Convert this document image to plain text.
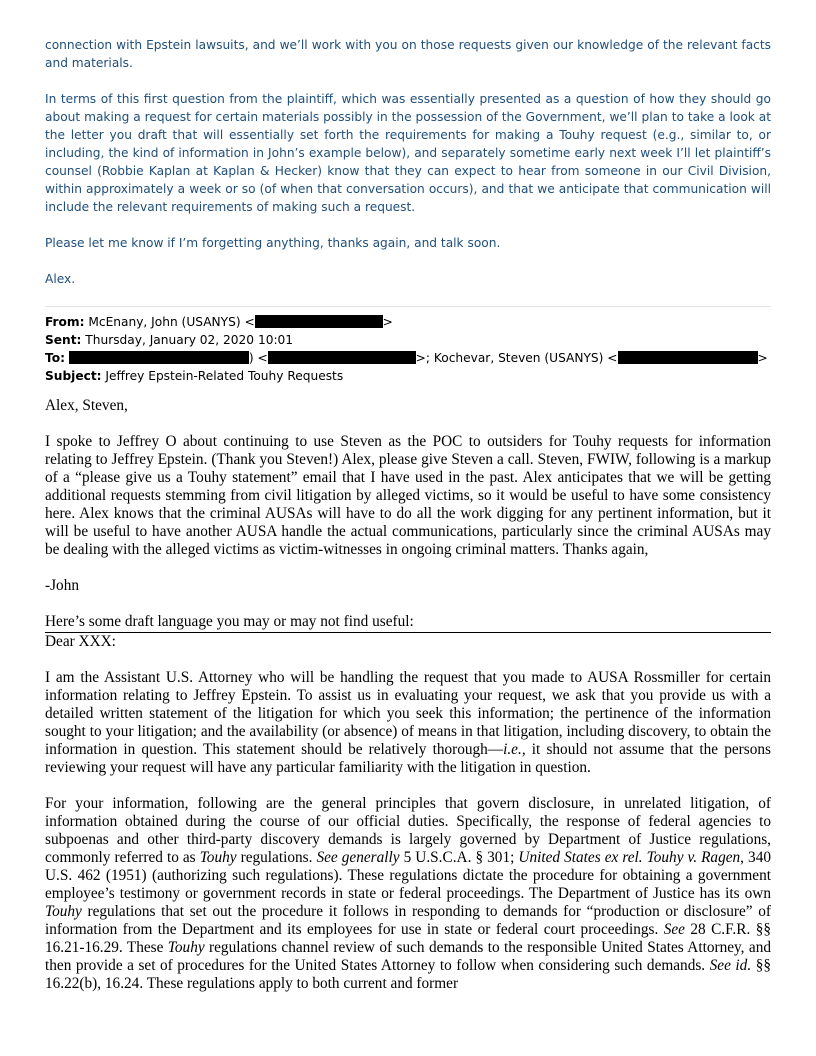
connection with Epstein lawsuits, and we’ll work with you on those requests given our knowledge of the relevant facts and materials.

In terms of this first question from the plaintiff, which was essentially presented as a question of how they should go about making a request for certain materials possibly in the possession of the Government, we’ll plan to take a look at the letter you draft that will essentially set forth the requirements for making a Touhy request (e.g., similar to, or including, the kind of information in John’s example below), and separately sometime early next week I’ll let plaintiff’s counsel (Robbie Kaplan at Kaplan & Hecker) know that they can expect to hear from someone in our Civil Division, within approximately a week or so (of when that conversation occurs), and that we anticipate that communication will include the relevant requirements of making such a request.

Please let me know if I’m forgetting anything, thanks again, and talk soon.

Alex.

From: McEnany, John (USANYS) <	>
Sent: Thursday, January 02, 2020 10:01
To:	) <	>; Kochevar, Steven (USANYS) <	>
Subject: Jeffrey Epstein-Related Touhy Requests

Alex, Steven,

I spoke to Jeffrey O about continuing to use Steven as the POC to outsiders for Touhy requests for information relating to Jeffrey Epstein. (Thank you Steven!) Alex, please give Steven a call. Steven, FWIW, following is a markup of a “please give us a Touhy statement” email that I have used in the past. Alex anticipates that we will be getting additional requests stemming from civil litigation by alleged victims, so it would be useful to have some consistency here. Alex knows that the criminal AUSAs will have to do all the work digging for any pertinent information, but it will be useful to have another AUSA handle the actual communications, particularly since the criminal AUSAs may be dealing with the alleged victims as victim-witnesses in ongoing criminal matters. Thanks again,

-John

Here’s some draft language you may or may not find useful:

Dear XXX:

I am the Assistant U.S. Attorney who will be handling the request that you made to AUSA Rossmiller for certain information relating to Jeffrey Epstein. To assist us in evaluating your request, we ask that you provide us with a detailed written statement of the litigation for which you seek this information; the pertinence of the information sought to your litigation; and the availability (or absence) of means in that litigation, including discovery, to obtain the information in question. This statement should be relatively thorough—i.e., it should not assume that the persons reviewing your request will have any particular familiarity with the litigation in question.

For your information, following are the general principles that govern disclosure, in unrelated litigation, of information obtained during the course of our official duties. Specifically, the response of federal agencies to subpoenas and other third-party discovery demands is largely governed by Department of Justice regulations, commonly referred to as Touhy regulations. See generally 5 U.S.C.A. § 301; United States ex rel. Touhy v. Ragen, 340 U.S. 462 (1951) (authorizing such regulations). These regulations dictate the procedure for obtaining a government employee’s testimony or government records in state or federal proceedings. The Department of Justice has its own Touhy regulations that set out the procedure it follows in responding to demands for “production or disclosure” of information from the Department and its employees for use in state or federal court proceedings. See 28 C.F.R. §§ 16.21-16.29. These Touhy regulations channel review of such demands to the responsible United States Attorney, and then provide a set of procedures for the United States Attorney to follow when considering such demands. See id. §§ 16.22(b), 16.24. These regulations apply to both current and former
